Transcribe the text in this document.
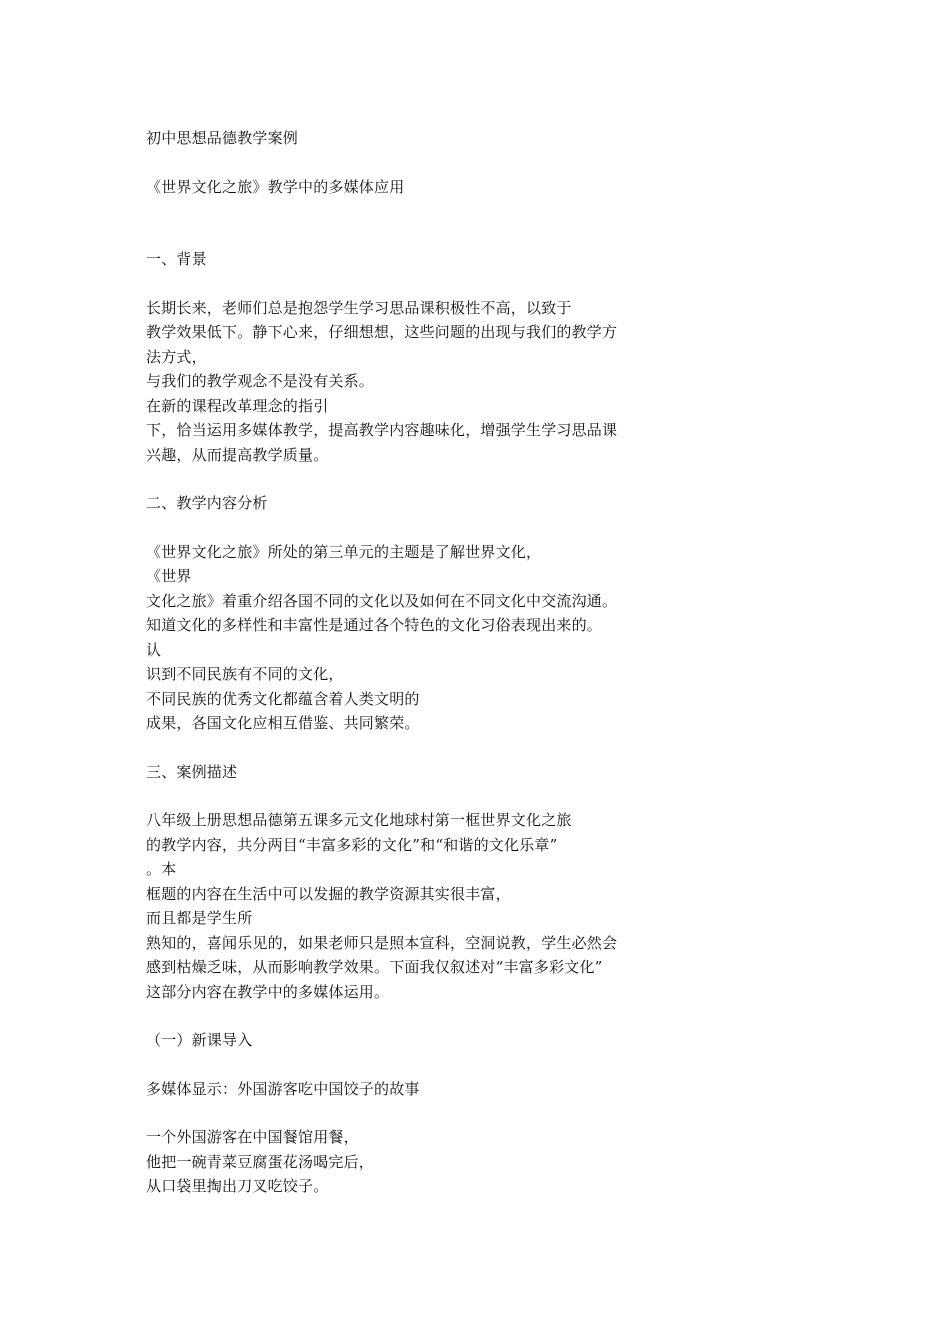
初中思想品德教学案例
《世界文化之旅》教学中的多媒体应用
一、背景
长期长来，老师们总是抱怨学生学习思品课积极性不高，以致于
教学效果低下。静下心来，仔细想想，这些问题的出现与我们的教学方
法方式，
与我们的教学观念不是没有关系。
在新的课程改革理念的指引
下，恰当运用多媒体教学，提高教学内容趣味化，增强学生学习思品课
兴趣，从而提高教学质量。
二、教学内容分析
《世界文化之旅》所处的第三单元的主题是了解世界文化，
《世界
文化之旅》着重介绍各国不同的文化以及如何在不同文化中交流沟通。
知道文化的多样性和丰富性是通过各个特色的文化习俗表现出来的。
认
识到不同民族有不同的文化，
不同民族的优秀文化都蕴含着人类文明的
成果，各国文化应相互借鉴、共同繁荣。
三、案例描述
八年级上册思想品德第五课多元文化地球村第一框世界文化之旅
的教学内容，共分两目“丰富多彩的文化”和“和谐的文化乐章”
。本
框题的内容在生活中可以发掘的教学资源其实很丰富，
而且都是学生所
熟知的，喜闻乐见的，如果老师只是照本宣科，空洞说教，学生必然会
感到枯燥乏味，从而影响教学效果。下面我仅叙述对“丰富多彩文化”
这部分内容在教学中的多媒体运用。
（一）新课导入
多媒体显示：外国游客吃中国饺子的故事
一个外国游客在中国餐馆用餐，
他把一碗青菜豆腐蛋花汤喝完后，
从口袋里掏出刀叉吃饺子。
